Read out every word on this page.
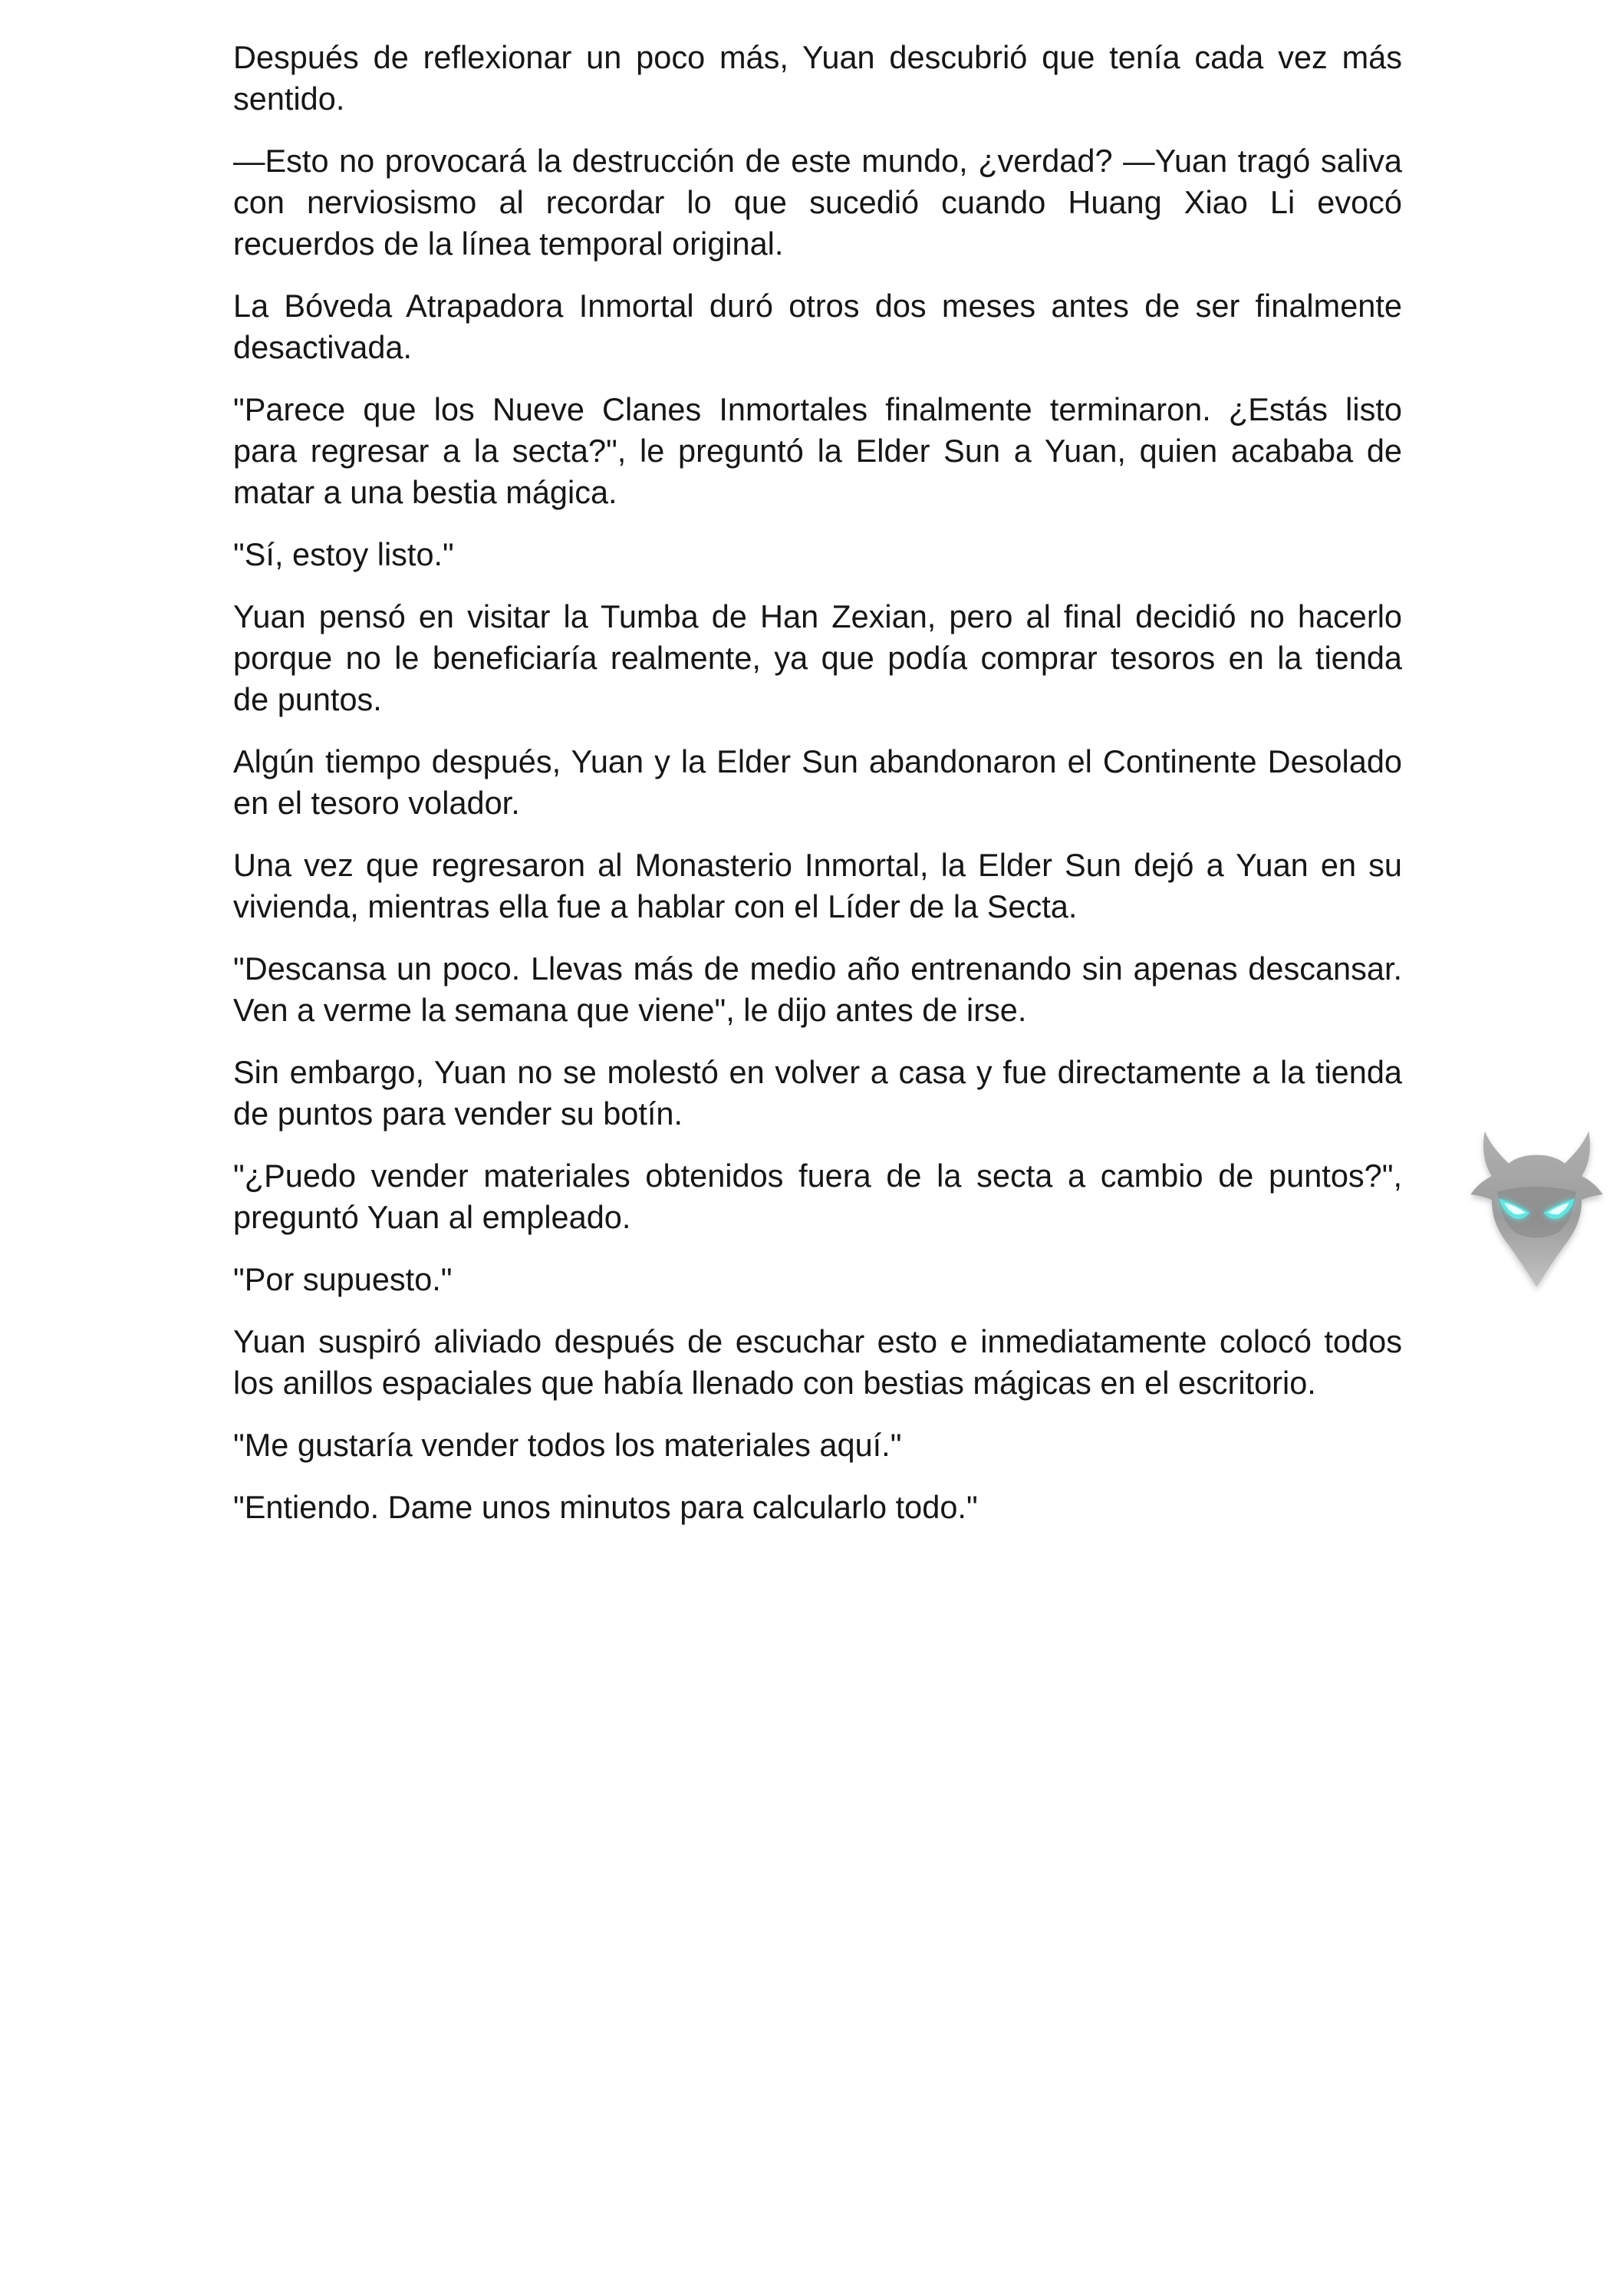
Después de reflexionar un poco más, Yuan descubrió que tenía cada vez más
sentido.
—Esto no provocará la destrucción de este mundo, ¿verdad? —Yuan tragó saliva
con nerviosismo al recordar lo que sucedió cuando Huang Xiao Li evocó
recuerdos de la línea temporal original.
La Bóveda Atrapadora Inmortal duró otros dos meses antes de ser finalmente
desactivada.
"Parece que los Nueve Clanes Inmortales finalmente terminaron. ¿Estás listo
para regresar a la secta?", le preguntó la Elder Sun a Yuan, quien acababa de
matar a una bestia mágica.
"Sí, estoy listo."
Yuan pensó en visitar la Tumba de Han Zexian, pero al final decidió no hacerlo
porque no le beneficiaría realmente, ya que podía comprar tesoros en la tienda
de puntos.
Algún tiempo después, Yuan y la Elder Sun abandonaron el Continente Desolado
en el tesoro volador.
Una vez que regresaron al Monasterio Inmortal, la Elder Sun dejó a Yuan en su
vivienda, mientras ella fue a hablar con el Líder de la Secta.
"Descansa un poco. Llevas más de medio año entrenando sin apenas descansar.
Ven a verme la semana que viene", le dijo antes de irse.
Sin embargo, Yuan no se molestó en volver a casa y fue directamente a la tienda
de puntos para vender su botín.
"¿Puedo vender materiales obtenidos fuera de la secta a cambio de puntos?",
preguntó Yuan al empleado.
"Por supuesto."
Yuan suspiró aliviado después de escuchar esto e inmediatamente colocó todos
los anillos espaciales que había llenado con bestias mágicas en el escritorio.
"Me gustaría vender todos los materiales aquí."
"Entiendo. Dame unos minutos para calcularlo todo."
